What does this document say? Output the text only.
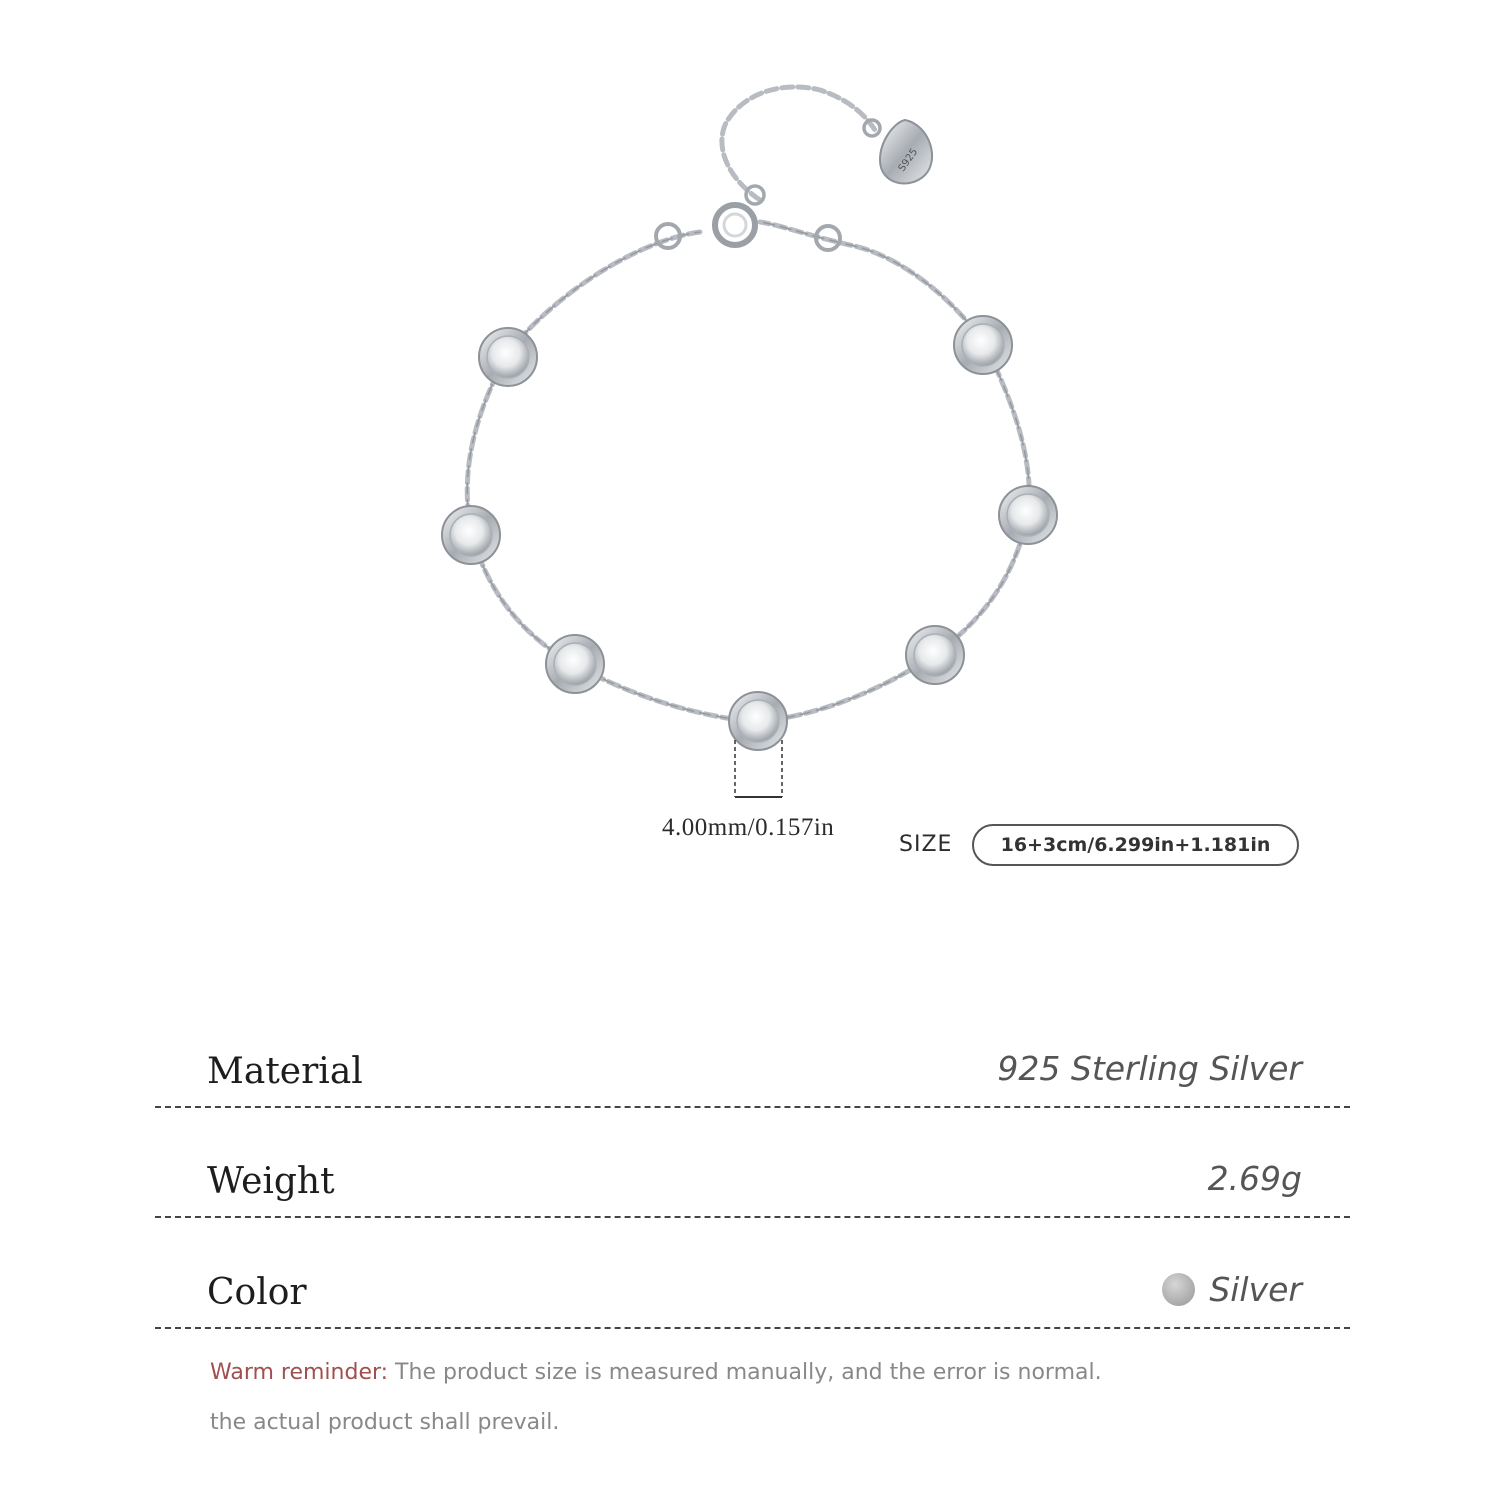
S925
4.00mm/0.157in
SIZE	16+3cm/6.299in+1.181in
Material	925 Sterling Silver
Weight	2.69g
Color	Silver
Warm reminder: The product size is measured manually, and the error is normal.
the actual product shall prevail.
